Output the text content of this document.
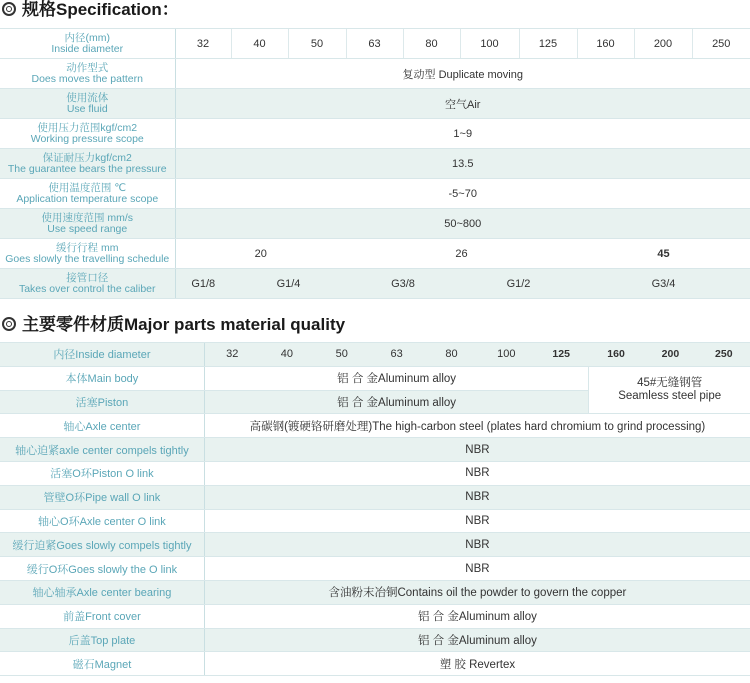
规格Specification：
内径(mm)
Inside diameter	32	40	50	63	80	100	125	160	200	250

动作型式
Does moves the pattern	复动型 Duplicate moving									

使用流体
Use fluid	空气Air									

使用压力范围kgf/cm2
Working pressure scope	1~9									

保证耐压力kgf/cm2
The guarantee bears the pressure	13.5									

使用温度范围 ℃
Application temperature scope	-5~70									

使用速度范围 mm/s
Use speed range	50~800									

缓行行程 mm
Goes slowly the travelling schedule	20			26				45		

接管口径
Takes over control the caliber	G1/8	G1/4		G3/8		G1/2		G3/4		
主要零件材质Major parts material quality
内径Inside diameter	32	40	50	63	80	100	125	160	200	250
本体Main body	铝 合 金Aluminum alloy							45#无缝钢管
Seamless steel pipe		

活塞Piston	铝 合 金Aluminum alloy									
轴心Axle center	高碳钢(镀硬铬研磨处理)The high-carbon steel (plates hard chromium to grind processing)									
轴心迫紧axle center compels tightly	NBR									
活塞O环Piston O link	NBR									
管壁O环Pipe wall O link	NBR									
轴心O环Axle center O link	NBR									
缓行迫紧Goes slowly compels tightly	NBR									
缓行O环Goes slowly the O link	NBR									
轴心轴承Axle center bearing	含油粉末冶铜Contains oil the powder to govern the copper									
前盖Front cover	铝 合 金Aluminum alloy									
后盖Top plate	铝 合 金Aluminum alloy									
磁石Magnet	塑 胶 Revertex									
